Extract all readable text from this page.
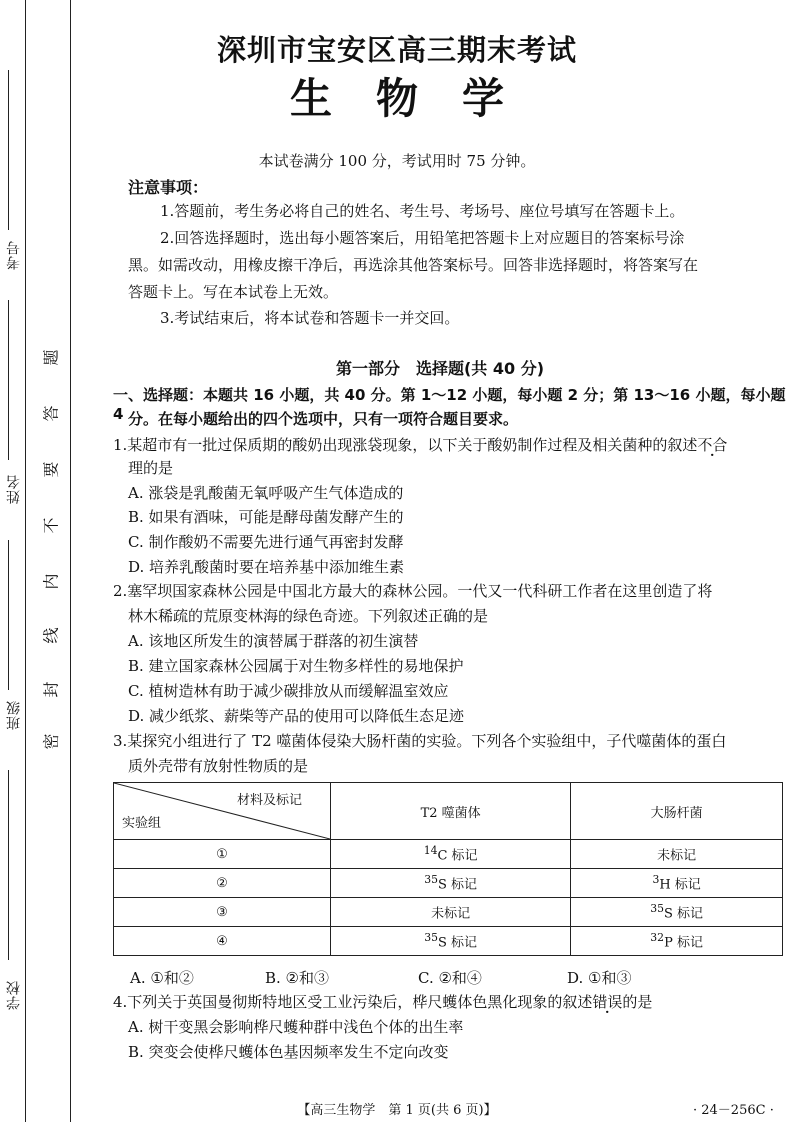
考号
姓名
班级
学校
密
封
线
内
不
要
答
题
深圳市宝安区高三期末考试
生物学
本试卷满分 100 分，考试用时 75 分钟。
注意事项：
1.答题前，考生务必将自己的姓名、考生号、考场号、座位号填写在答题卡上。
2.回答选择题时，选出每小题答案后，用铅笔把答题卡上对应题目的答案标号涂
黑。如需改动，用橡皮擦干净后，再选涂其他答案标号。回答非选择题时，将答案写在
答题卡上。写在本试卷上无效。
3.考试结束后，将本试卷和答题卡一并交回。
第一部分　选择题(共 40 分)
一、选择题：本题共 16 小题，共 40 分。第 1～12 小题，每小题 2 分；第 13～16 小题，每小题 4 分。在每小题给出的四个选项中，只有一项符合题目要求。
1.某超市有一批过保质期的酸奶出现涨袋现象，以下关于酸奶制作过程及相关菌种的叙述不合
理的是
A. 涨袋是乳酸菌无氧呼吸产生气体造成的
B. 如果有酒味，可能是酵母菌发酵产生的
C. 制作酸奶不需要先进行通气再密封发酵
D. 培养乳酸菌时要在培养基中添加维生素
2.塞罕坝国家森林公园是中国北方最大的森林公园。一代又一代科研工作者在这里创造了将
林木稀疏的荒原变林海的绿色奇迹。下列叙述正确的是
A. 该地区所发生的演替属于群落的初生演替
B. 建立国家森林公园属于对生物多样性的易地保护
C. 植树造林有助于减少碳排放从而缓解温室效应
D. 减少纸浆、薪柴等产品的使用可以降低生态足迹
3.某探究小组进行了 T2 噬菌体侵染大肠杆菌的实验。下列各个实验组中，子代噬菌体的蛋白
质外壳带有放射性物质的是
材料及标记
实验组	T2 噬菌体	大肠杆菌
①	$^{14}$C 标记	未标记
②	$^{35}$S 标记	$^3$H 标记
③	未标记	$^{35}$S 标记
④	$^{35}$S 标记	$^{32}$P 标记
A. ①和②	B. ②和③	C. ②和④	D. ①和③
4.下列关于英国曼彻斯特地区受工业污染后，桦尺蠖体色黑化现象的叙述错误的是
A. 树干变黑会影响桦尺蠖种群中浅色个体的出生率
B. 突变会使桦尺蠖体色基因频率发生不定向改变
【高三生物学　第 1 页(共 6 页)】	· 24－256C ·
